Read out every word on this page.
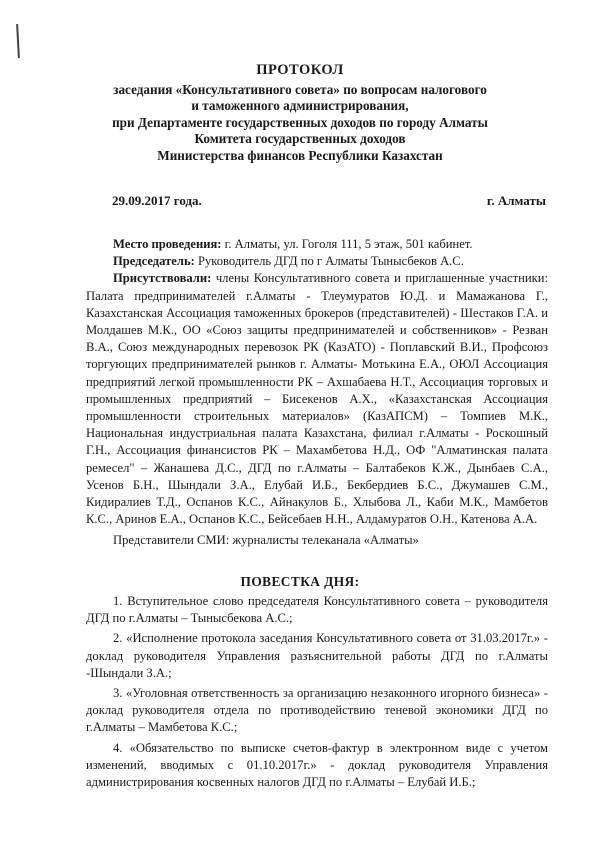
ПРОТОКОЛ
заседания «Консультативного совета» по вопросам налогового
и таможенного администрирования,
при Департаменте государственных доходов по городу Алматы
Комитета государственных доходов
Министерства финансов Республики Казахстан
29.09.2017 года.	г. Алматы

Место проведения: г. Алматы, ул. Гоголя 111, 5 этаж, 501 кабинет.

Председатель: Руководитель ДГД по г Алматы Тынысбеков А.С.

Присутствовали: члены Консультативного совета и приглашенные участники: Палата предпринимателей г.Алматы - Тлеумуратов Ю.Д. и Мамажанова Г., Казахстанская Ассоциация таможенных брокеров (представителей) - Шестаков Г.А. и Молдашев М.К., ОО «Союз защиты предпринимателей и собственников» - Резван В.А., Союз международных перевозок РК (КазАТО) - Поплавский В.И., Профсоюз торгующих предпринимателей рынков г. Алматы- Мотькина Е.А., ОЮЛ Ассоциация предприятий легкой промышленности РК – Ахшабаева Н.Т., Ассоциация торговых и промышленных предприятий – Бисекенов А.Х., «Казахстанская Ассоциация промышленности строительных материалов» (КазАПСМ) – Томпиев М.К., Национальная индустриальная палата Казахстана, филиал г.Алматы - Роскошный Г.Н., Ассоциация финансистов РК – Махамбетова Н.Д., ОФ "Алматинская палата ремесел" – Жанашева Д.С., ДГД по г.Алматы – Балтабеков К.Ж., Дынбаев С.А., Усенов Б.Н., Шындали З.А., Елубай И.Б., Бекбердиев Б.С., Джумашев С.М., Кидиралиев Т.Д., Оспанов К.С., Айнакулов Б., Хлыбова Л., Каби М.К., Мамбетов К.С., Аринов Е.А., Оспанов К.С., Бейсебаев Н.Н., Алдамуратов О.Н., Катенова А.А.

Представители СМИ: журналисты телеканала «Алматы»

ПОВЕСТКА ДНЯ:

1. Вступительное слово председателя Консультативного совета – руководителя ДГД по г.Алматы – Тынысбекова А.С.;

2. «Исполнение протокола заседания Консультативного совета от 31.03.2017г.» - доклад руководителя Управления разъяснительной работы ДГД по г.Алматы -Шындали З.А.;

3. «Уголовная ответственность за организацию незаконного игорного бизнеса» - доклад руководителя отдела по противодействию теневой экономики ДГД по г.Алматы – Мамбетова К.С.;

4. «Обязательство по выписке счетов-фактур в электронном виде с учетом изменений, вводимых с 01.10.2017г.» - доклад руководителя Управления администрирования косвенных налогов ДГД по г.Алматы – Елубай И.Б.;
